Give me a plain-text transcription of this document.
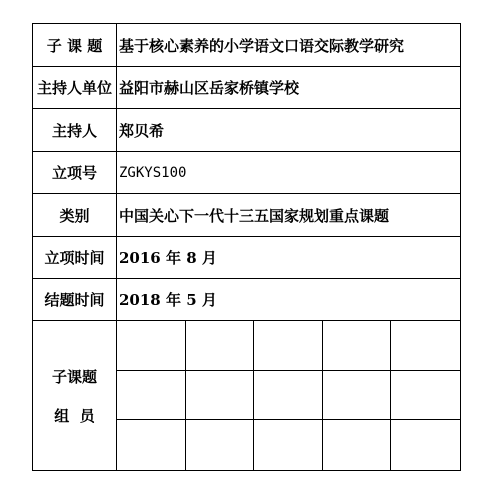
子 课 题 基于核心素养的小学语文口语交际教学研究
主持人单位 益阳市赫山区岳家桥镇学校
主持人	郑贝希
立项号	ZGKYS100
类别	中国关心下一代十三五国家规划重点课题
立项时间 2016 年 8 月
结题时间 2018 年 5 月
子课题
组  员
